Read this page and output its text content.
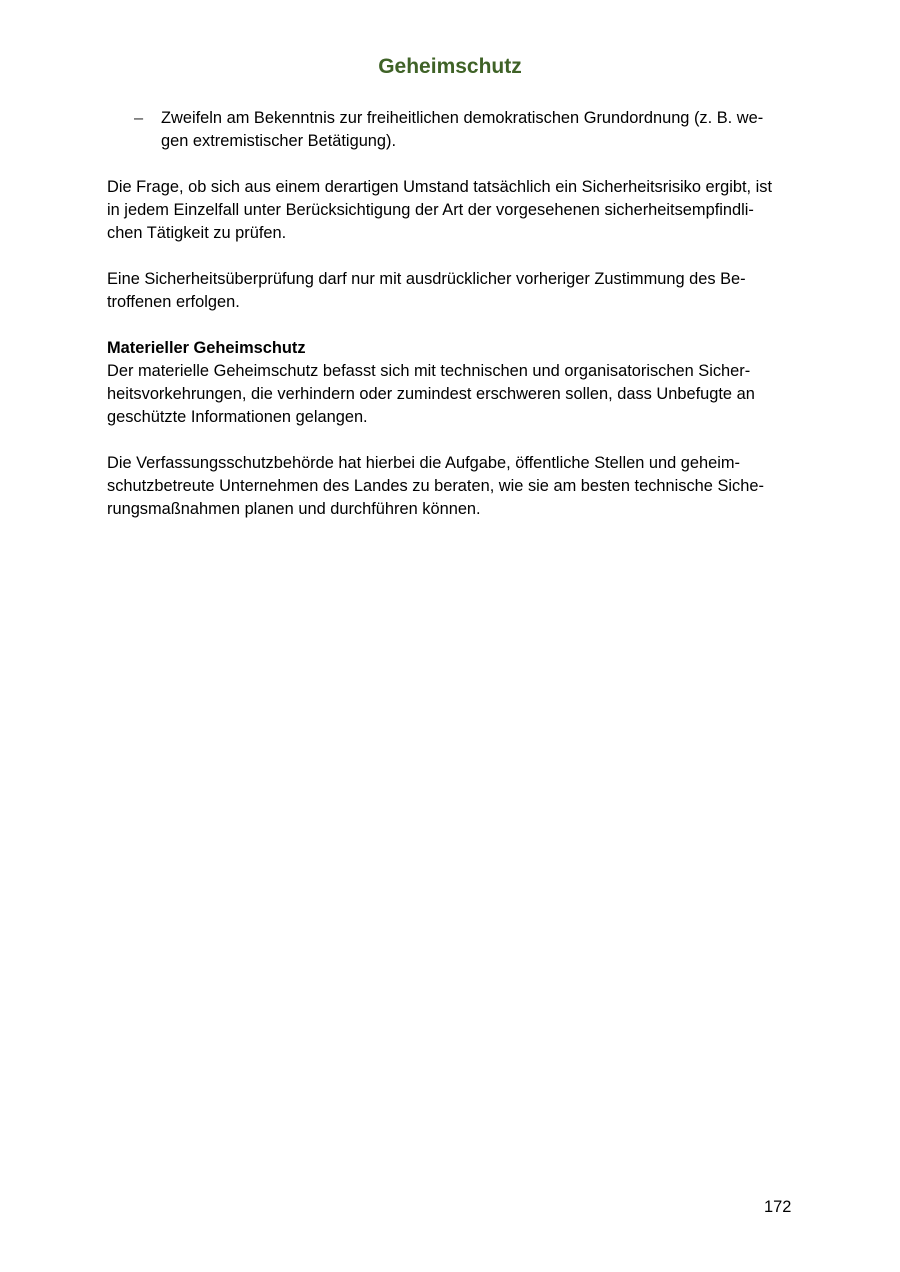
Geheimschutz
– Zweifeln am Bekenntnis zur freiheitlichen demokratischen Grundordnung (z. B. we-
gen extremistischer Betätigung).

Die Frage, ob sich aus einem derartigen Umstand tatsächlich ein Sicherheitsrisiko ergibt, ist
in jedem Einzelfall unter Berücksichtigung der Art der vorgesehenen sicherheitsempfindli-
chen Tätigkeit zu prüfen.

Eine Sicherheitsüberprüfung darf nur mit ausdrücklicher vorheriger Zustimmung des Be-
troffenen erfolgen.

Materieller Geheimschutz
Der materielle Geheimschutz befasst sich mit technischen und organisatorischen Sicher-
heitsvorkehrungen, die verhindern oder zumindest erschweren sollen, dass Unbefugte an
geschützte Informationen gelangen.

Die Verfassungsschutzbehörde hat hierbei die Aufgabe, öffentliche Stellen und geheim-
schutzbetreute Unternehmen des Landes zu beraten, wie sie am besten technische Siche-
rungsmaßnahmen planen und durchführen können.

172
